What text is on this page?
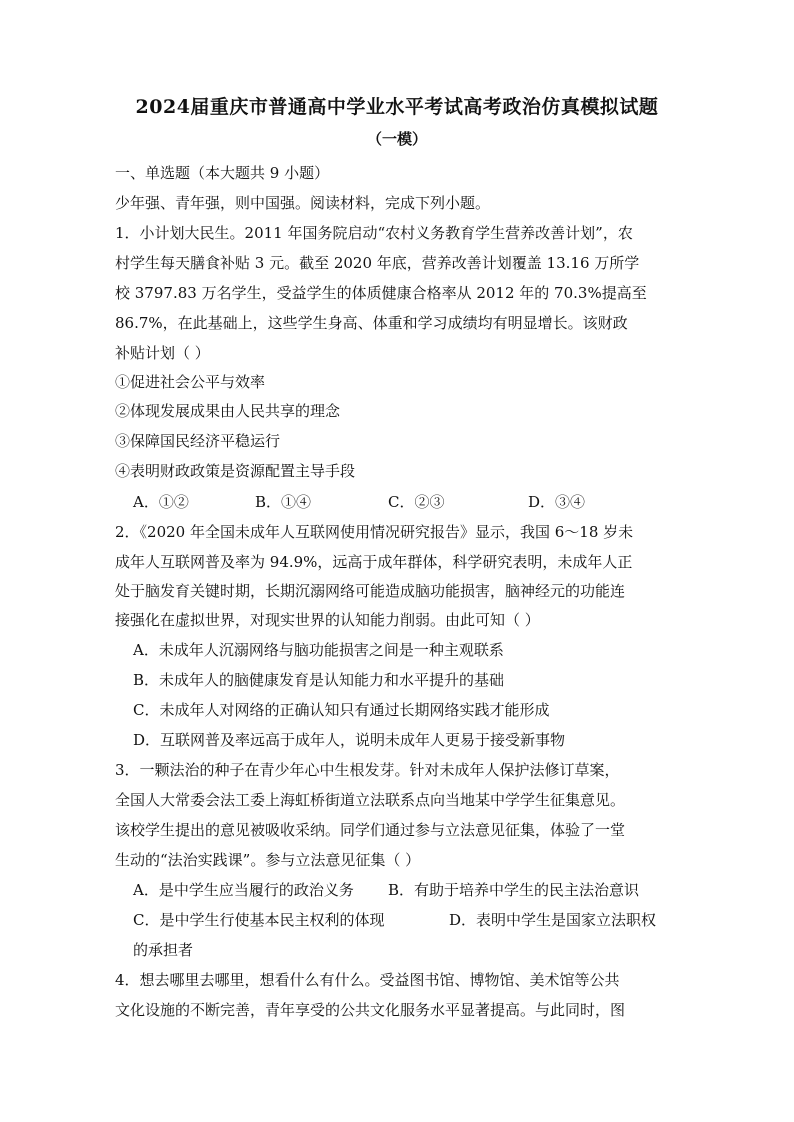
2024届重庆市普通高中学业水平考试高考政治仿真模拟试题
（一模）
一、单选题（本大题共 9 小题）
少年强、青年强，则中国强。阅读材料，完成下列小题。
1．小计划大民生。2011 年国务院启动“农村义务教育学生营养改善计划”，农
村学生每天膳食补贴 3 元。截至 2020 年底，营养改善计划覆盖 13.16 万所学
校 3797.83 万名学生，受益学生的体质健康合格率从 2012 年的 70.3%提高至
86.7%，在此基础上，这些学生身高、体重和学习成绩均有明显增长。该财政
补贴计划（ ）
①促进社会公平与效率
②体现发展成果由人民共享的理念
③保障国民经济平稳运行
④表明财政政策是资源配置主导手段
A．①②	B．①④	C．②③	D．③④
2．《2020 年全国未成年人互联网使用情况研究报告》显示，我国 6～18 岁未
成年人互联网普及率为 94.9%，远高于成年群体，科学研究表明，未成年人正
处于脑发育关键时期，长期沉溺网络可能造成脑功能损害，脑神经元的功能连
接强化在虚拟世界，对现实世界的认知能力削弱。由此可知（ ）
A．未成年人沉溺网络与脑功能损害之间是一种主观联系
B．未成年人的脑健康发育是认知能力和水平提升的基础
C．未成年人对网络的正确认知只有通过长期网络实践才能形成
D．互联网普及率远高于成年人，说明未成年人更易于接受新事物
3．一颗法治的种子在青少年心中生根发芽。针对未成年人保护法修订草案，
全国人大常委会法工委上海虹桥街道立法联系点向当地某中学学生征集意见。
该校学生提出的意见被吸收采纳。同学们通过参与立法意见征集，体验了一堂
生动的“法治实践课”。参与立法意见征集（ ）
A．是中学生应当履行的政治义务 B．有助于培养中学生的民主法治意识
C．是中学生行使基本民主权利的体现	D．表明中学生是国家立法职权
的承担者
4．想去哪里去哪里，想看什么有什么。受益图书馆、博物馆、美术馆等公共
文化设施的不断完善，青年享受的公共文化服务水平显著提高。与此同时，图
